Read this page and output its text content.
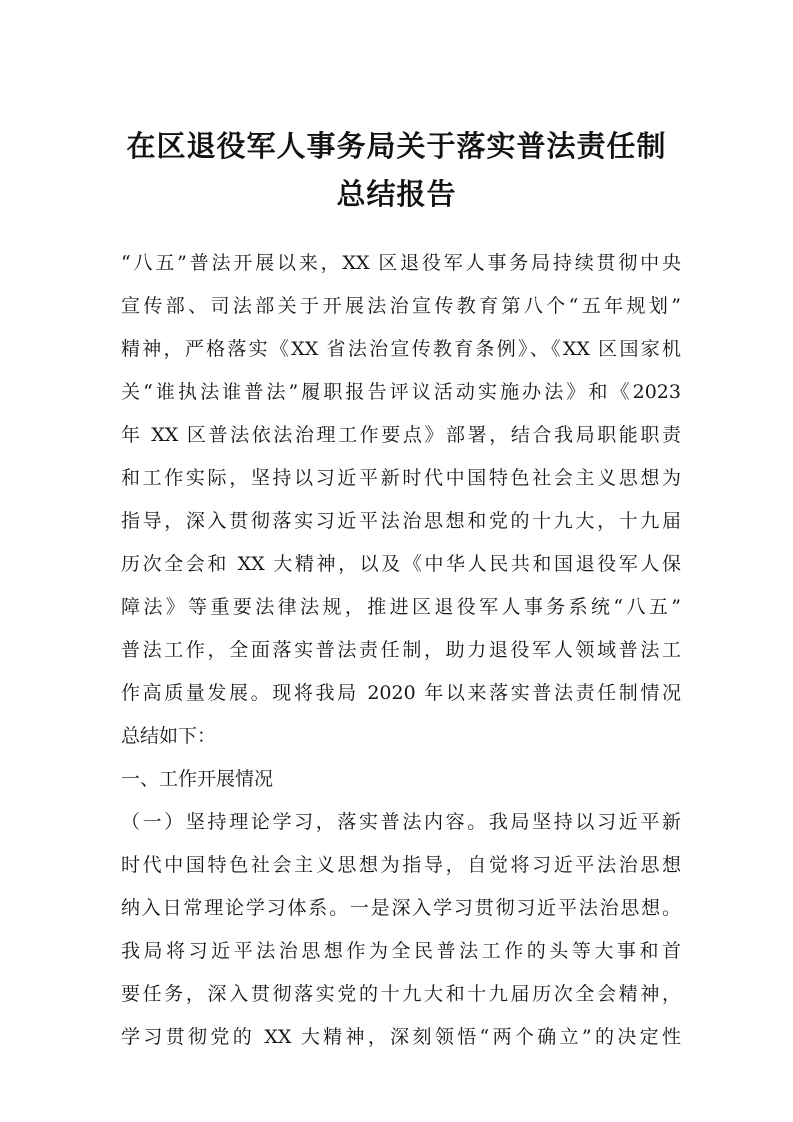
在区退役军人事务局关于落实普法责任制
总结报告
“八五”普法开展以来，XX 区退役军人事务局持续贯彻中央
宣传部、司法部关于开展法治宣传教育第八个“五年规划”
精神，严格落实《XX 省法治宣传教育条例》、《XX 区国家机
关“谁执法谁普法”履职报告评议活动实施办法》和《2023
年 XX 区普法依法治理工作要点》部署，结合我局职能职责
和工作实际，坚持以习近平新时代中国特色社会主义思想为
指导，深入贯彻落实习近平法治思想和党的十九大，十九届
历次全会和 XX 大精神，以及《中华人民共和国退役军人保
障法》等重要法律法规，推进区退役军人事务系统“八五”
普法工作，全面落实普法责任制，助力退役军人领域普法工
作高质量发展。现将我局 2020 年以来落实普法责任制情况
总结如下：
一、工作开展情况
（一）坚持理论学习，落实普法内容。我局坚持以习近平新
时代中国特色社会主义思想为指导，自觉将习近平法治思想
纳入日常理论学习体系。一是深入学习贯彻习近平法治思想。
我局将习近平法治思想作为全民普法工作的头等大事和首
要任务，深入贯彻落实党的十九大和十九届历次全会精神，
学习贯彻党的 XX 大精神，深刻领悟“两个确立”的决定性
